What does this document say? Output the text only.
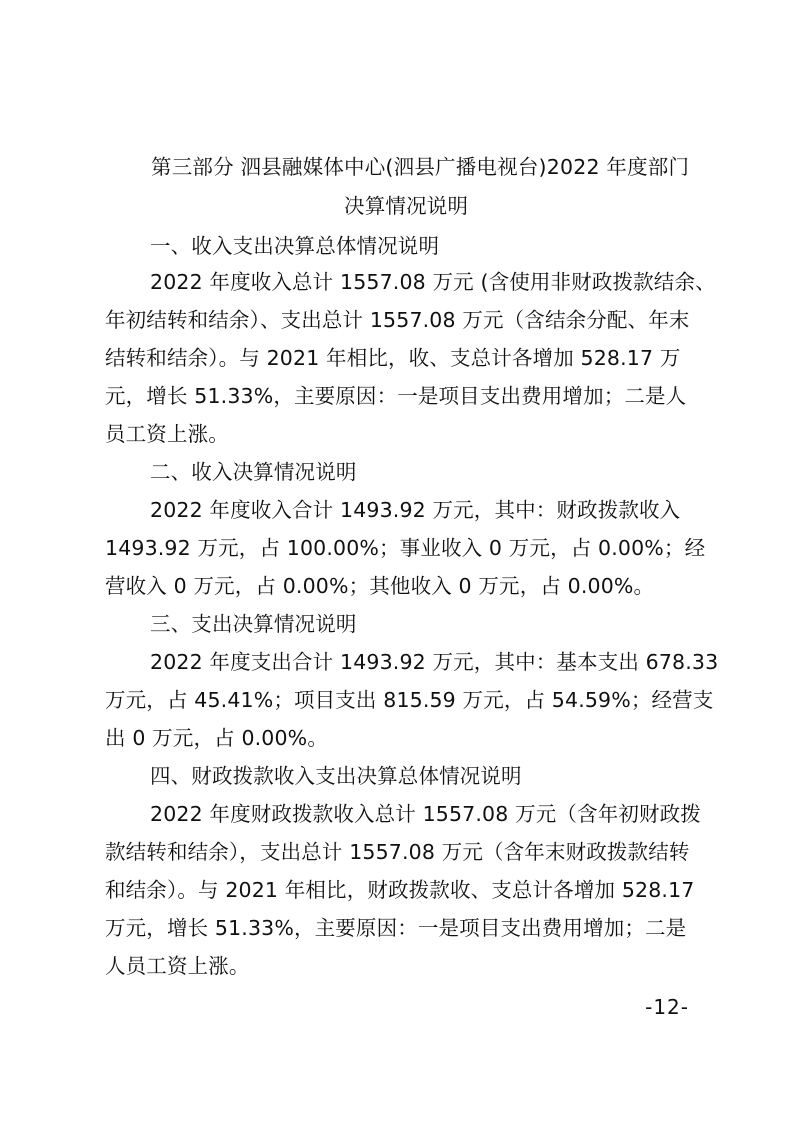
第三部分 泗县融媒体中心(泗县广播电视台)2022 年度部门
决算情况说明
一、收入支出决算总体情况说明
2022 年度收入总计 1557.08 万元 (含使用非财政拨款结余、
年初结转和结余）、支出总计 1557.08 万元（含结余分配、年末
结转和结余）。与 2021 年相比，收、支总计各增加 528.17 万
元，增长 51.33%，主要原因：一是项目支出费用增加；二是人
员工资上涨。
二、收入决算情况说明
2022 年度收入合计 1493.92 万元，其中：财政拨款收入
1493.92 万元，占 100.00%；事业收入 0 万元，占 0.00%；经
营收入 0 万元，占 0.00%；其他收入 0 万元，占 0.00%。
三、支出决算情况说明
2022 年度支出合计 1493.92 万元，其中：基本支出 678.33
万元，占 45.41%；项目支出 815.59 万元，占 54.59%；经营支
出 0 万元，占 0.00%。
四、财政拨款收入支出决算总体情况说明
2022 年度财政拨款收入总计 1557.08 万元（含年初财政拨
款结转和结余），支出总计 1557.08 万元（含年末财政拨款结转
和结余）。与 2021 年相比，财政拨款收、支总计各增加 528.17
万元，增长 51.33%，主要原因：一是项目支出费用增加；二是
人员工资上涨。
-12-
